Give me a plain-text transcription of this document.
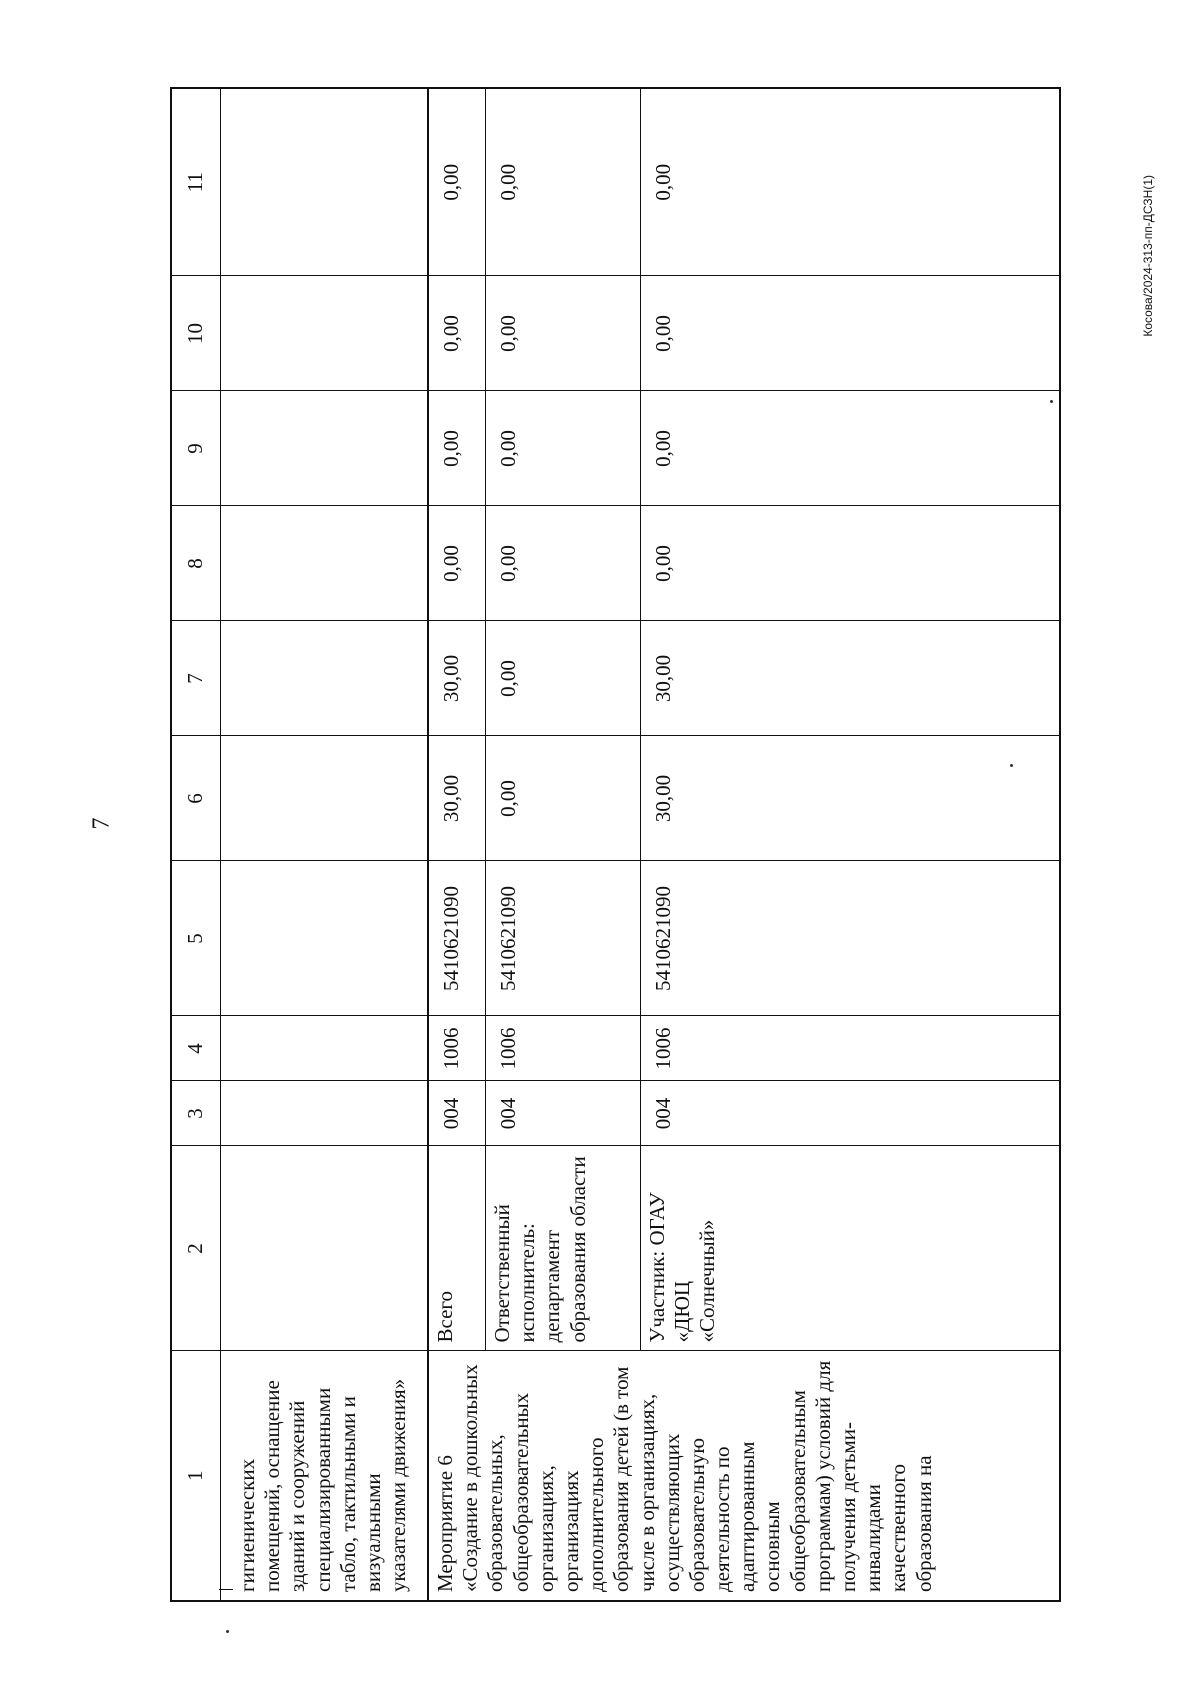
7
Косова/2024-313-пп-ДСЗН(1)
1	2	3	4	5	6	7	8	9	10	11

гигиенических помещений, оснащение зданий и сооружений специализированными табло, тактильными и визуальными указателями движения»										
Мероприятие 6 «Создание в дошкольных образовательных, общеобразовательных организациях, организациях дополнительного образования детей (в том числе в организациях, осуществляющих образовательную деятельность по адаптированным основным общеобразовательным программам) условий для получения детьми-инвалидами качественного образования на	Всего	004	1006	5410621090	30,00	30,00	0,00	0,00	0,00	0,00
	Ответственный исполнитель: департамент образования области	004	1006	5410621090	0,00	0,00	0,00	0,00	0,00	0,00
	Участник: ОГАУ «ДЮЦ «Солнечный»	004	1006	5410621090	30,00	30,00	0,00	0,00	0,00	0,00
